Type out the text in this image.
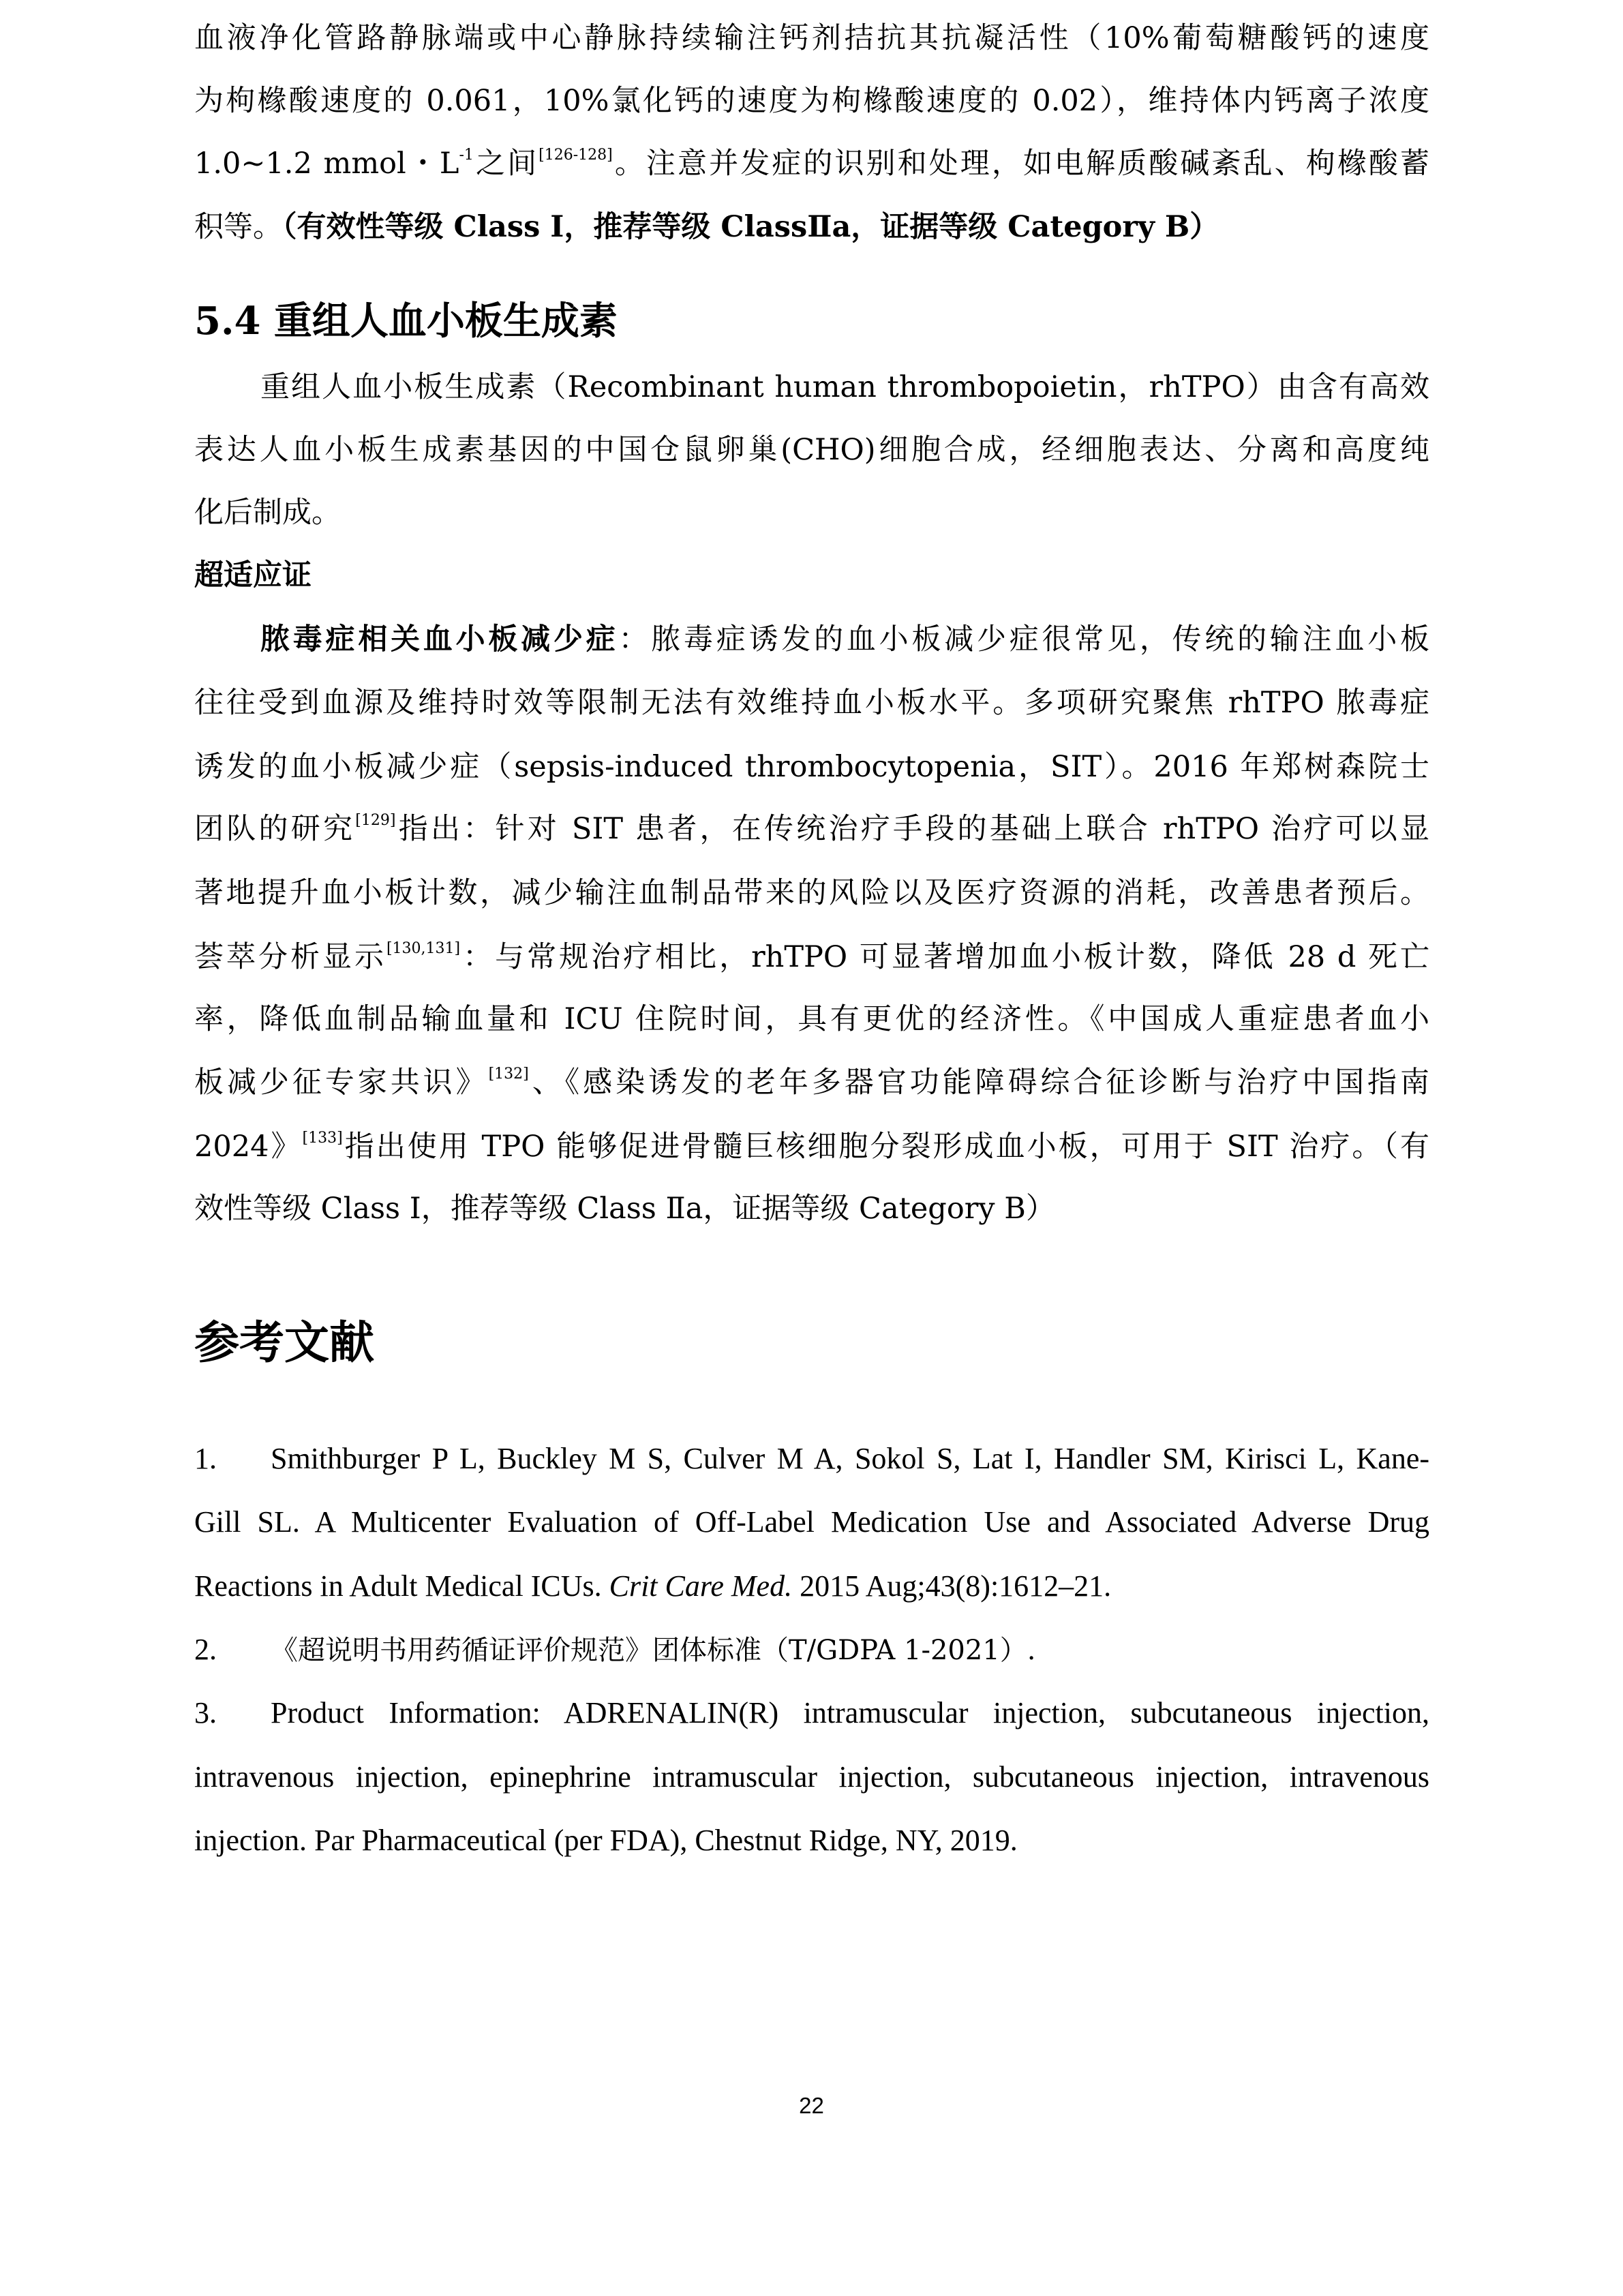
血液净化管路静脉端或中心静脉持续输注钙剂拮抗其抗凝活性（10%葡萄糖酸钙的速度
为枸橼酸速度的 0.061，10%氯化钙的速度为枸橼酸速度的 0.02），维持体内钙离子浓度
1.0~1.2 mmol・$L^{-1}$之间[126-128]。注意并发症的识别和处理，如电解质酸碱紊乱、枸橼酸蓄
积等。（有效性等级 Class I，推荐等级 ClassⅡa，证据等级 Category B）
5.4 重组人血小板生成素
重组人血小板生成素（Recombinant human thrombopoietin，rhTPO）由含有高效
表达人血小板生成素基因的中国仓鼠卵巢(CHO)细胞合成，经细胞表达、分离和高度纯
化后制成。
超适应证
脓毒症相关血小板减少症：脓毒症诱发的血小板减少症很常见，传统的输注血小板
往往受到血源及维持时效等限制无法有效维持血小板水平。多项研究聚焦 rhTPO 脓毒症
诱发的血小板减少症（sepsis-induced thrombocytopenia，SIT）。2016 年郑树森院士
团队的研究[129]指出：针对 SIT 患者，在传统治疗手段的基础上联合 rhTPO 治疗可以显
著地提升血小板计数，减少输注血制品带来的风险以及医疗资源的消耗，改善患者预后。
荟萃分析显示[130,131]：与常规治疗相比，rhTPO 可显著增加血小板计数，降低 28 d 死亡
率，降低血制品输血量和 ICU 住院时间，具有更优的经济性。《中国成人重症患者血小
板减少征专家共识》[132]、《感染诱发的老年多器官功能障碍综合征诊断与治疗中国指南
2024》[133]指出使用 TPO 能够促进骨髓巨核细胞分裂形成血小板，可用于 SIT 治疗。（有
效性等级 Class I，推荐等级 Class Ⅱa，证据等级 Category B）
参考文献
1. Smithburger P L, Buckley M S, Culver M A, Sokol S, Lat I, Handler SM, Kirisci L, Kane-
Gill SL. A Multicenter Evaluation of Off-Label Medication Use and Associated Adverse Drug
Reactions in Adult Medical ICUs. Crit Care Med. 2015 Aug;43(8):1612–21.
2. 《超说明书用药循证评价规范》团体标准（T/GDPA 1-2021）.
3. Product Information: ADRENALIN(R) intramuscular injection, subcutaneous injection,
intravenous injection, epinephrine intramuscular injection, subcutaneous injection, intravenous
injection. Par Pharmaceutical (per FDA), Chestnut Ridge, NY, 2019.
22
